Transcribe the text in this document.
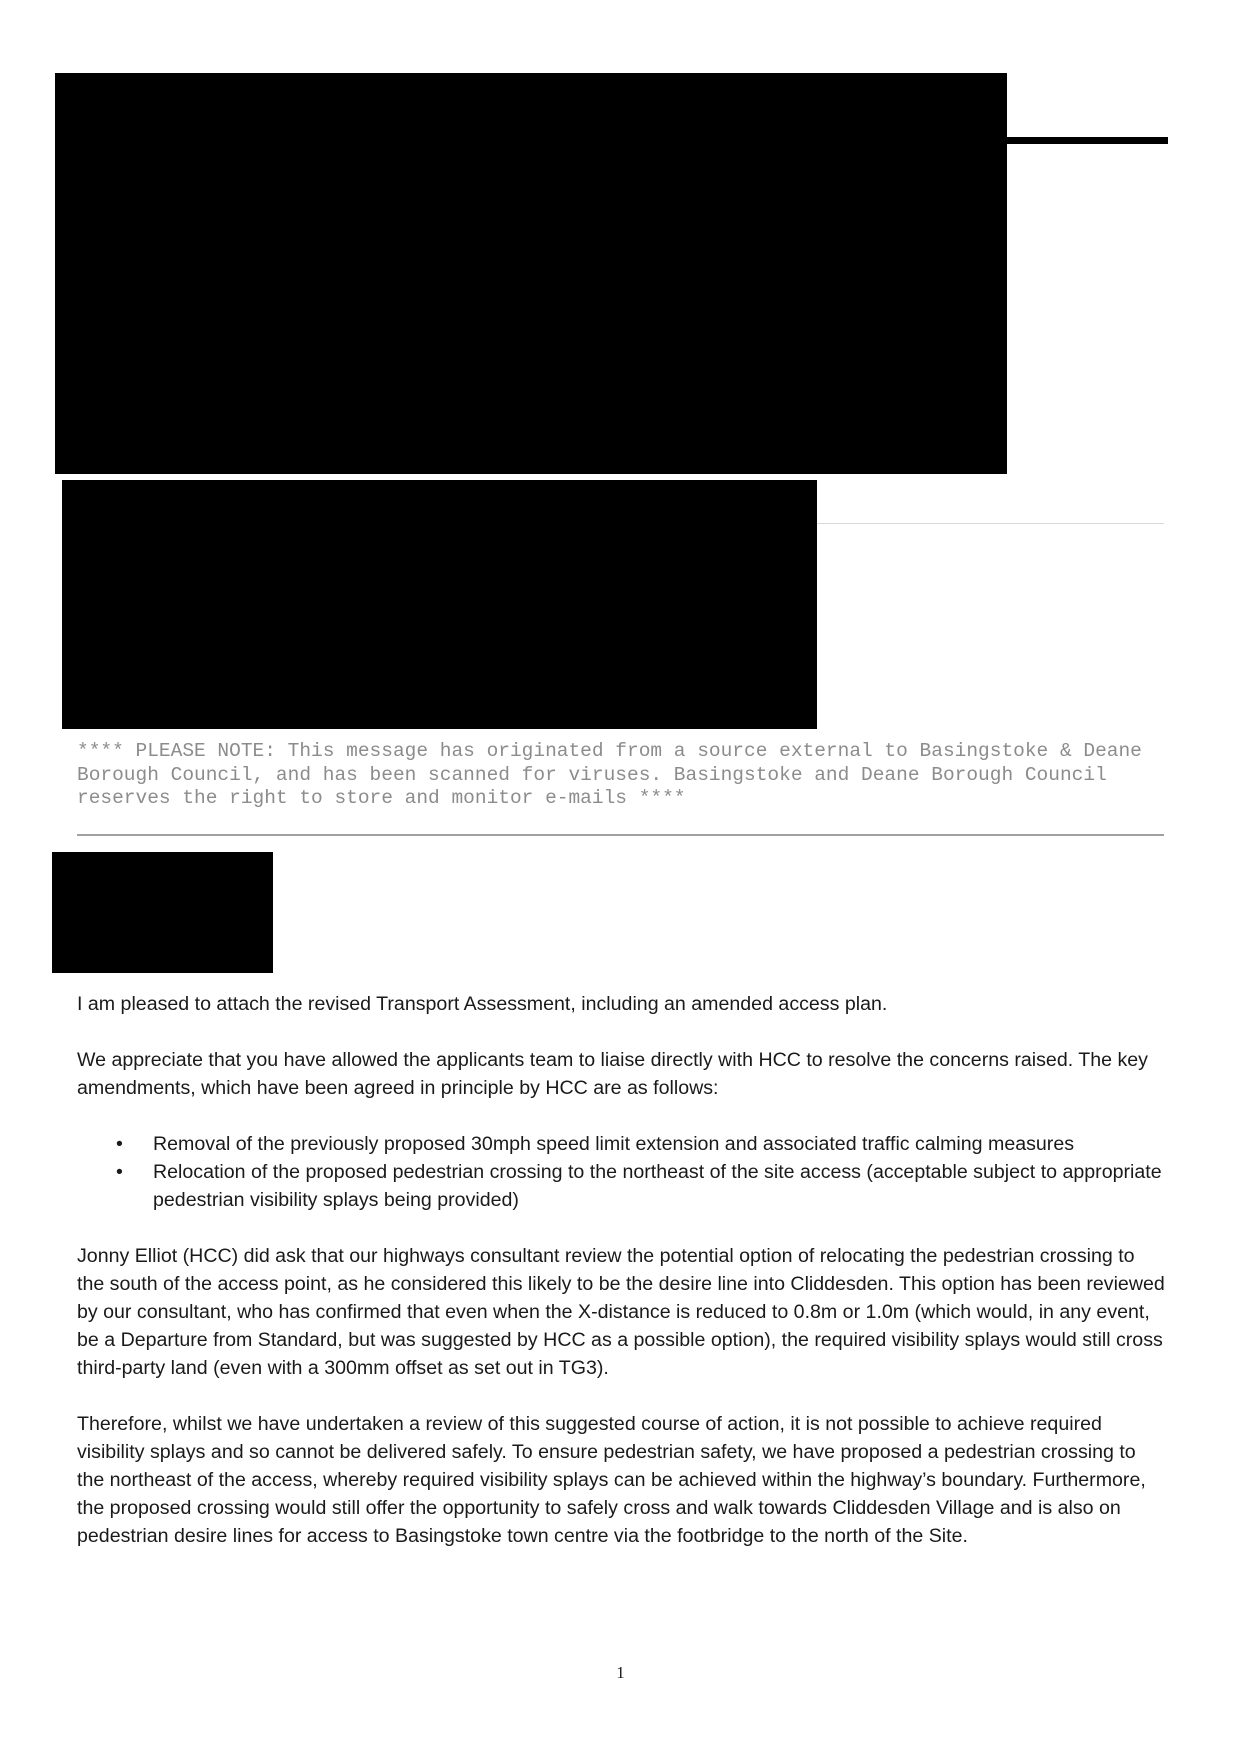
**** PLEASE NOTE: This message has originated from a source external to Basingstoke & Deane Borough Council, and has been scanned for viruses. Basingstoke and Deane Borough Council reserves the right to store and monitor e-mails ****

I am pleased to attach the revised Transport Assessment, including an amended access plan.

We appreciate that you have allowed the applicants team to liaise directly with HCC to resolve the concerns raised. The key amendments, which have been agreed in principle by HCC are as follows:

• Removal of the previously proposed 30mph speed limit extension and associated traffic calming measures
• Relocation of the proposed pedestrian crossing to the northeast of the site access (acceptable subject to appropriate pedestrian visibility splays being provided)

Jonny Elliot (HCC) did ask that our highways consultant review the potential option of relocating the pedestrian crossing to the south of the access point, as he considered this likely to be the desire line into Cliddesden. This option has been reviewed by our consultant, who has confirmed that even when the X-distance is reduced to 0.8m or 1.0m (which would, in any event, be a Departure from Standard, but was suggested by HCC as a possible option), the required visibility splays would still cross third-party land (even with a 300mm offset as set out in TG3).

Therefore, whilst we have undertaken a review of this suggested course of action, it is not possible to achieve required visibility splays and so cannot be delivered safely. To ensure pedestrian safety, we have proposed a pedestrian crossing to the northeast of the access, whereby required visibility splays can be achieved within the highway’s boundary. Furthermore, the proposed crossing would still offer the opportunity to safely cross and walk towards Cliddesden Village and is also on pedestrian desire lines for access to Basingstoke town centre via the footbridge to the north of the Site.

1
